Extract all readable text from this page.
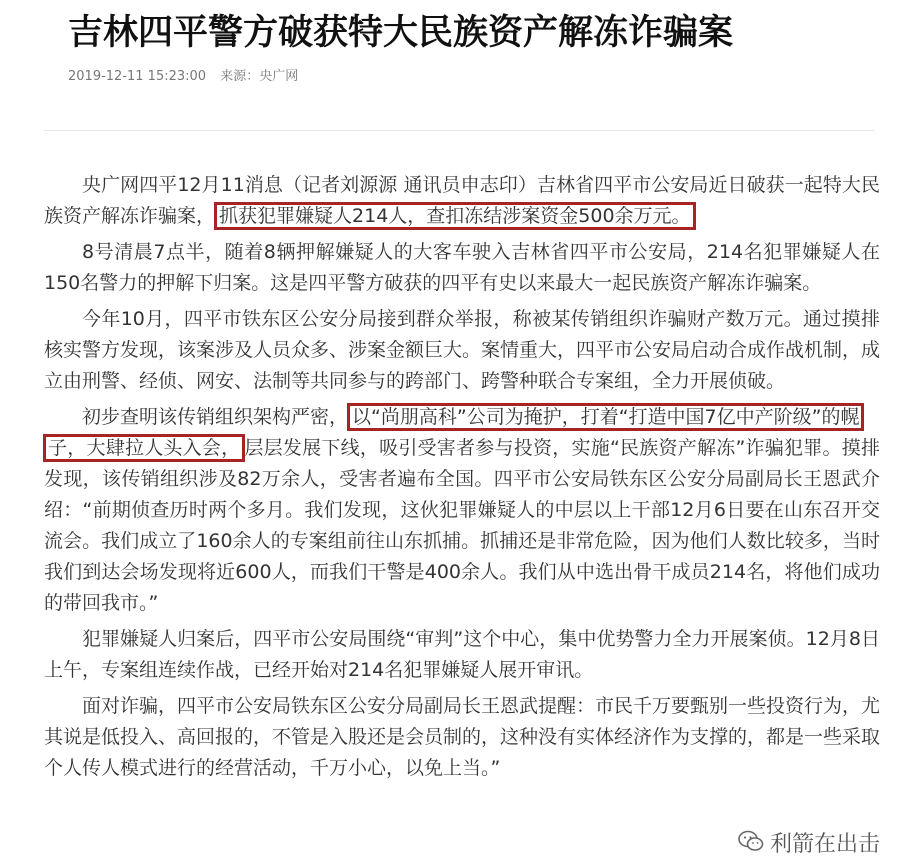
吉林四平警方破获特大民族资产解冻诈骗案
2019-12-11 15:23:00 来源：央广网

央广网四平12月11消息（记者刘源源 通讯员申志印）吉林省四平市公安局近日破获一起特大民族资产解冻诈骗案， 抓获犯罪嫌疑人214人，查扣冻结涉案资金500余万元。

8号清晨7点半，随着8辆押解嫌疑人的大客车驶入吉林省四平市公安局，214名犯罪嫌疑人在150名警力的押解下归案。这是四平警方破获的四平有史以来最大一起民族资产解冻诈骗案。

今年10月，四平市铁东区公安分局接到群众举报，称被某传销组织诈骗财产数万元。通过摸排核实警方发现，该案涉及人员众多、涉案金额巨大。案情重大，四平市公安局启动合成作战机制，成立由刑警、经侦、网安、法制等共同参与的跨部门、跨警种联合专案组，全力开展侦破。

初步查明该传销组织架构严密， 以“尚朋高科”公司为掩护，打着“打造中国7亿中产阶级”的幌
子，大肆拉人头入会， 层层发展下线，吸引受害者参与投资，实施“民族资产解冻”诈骗犯罪。摸排发现，该传销组织涉及82万余人，受害者遍布全国。四平市公安局铁东区公安分局副局长王恩武介绍：“前期侦查历时两个多月。我们发现，这伙犯罪嫌疑人的中层以上干部12月6日要在山东召开交流会。我们成立了160余人的专案组前往山东抓捕。抓捕还是非常危险，因为他们人数比较多，当时我们到达会场发现将近600人，而我们干警是400余人。我们从中选出骨干成员214名，将他们成功的带回我市。”

犯罪嫌疑人归案后，四平市公安局围绕“审判”这个中心，集中优势警力全力开展案侦。12月8日上午，专案组连续作战，已经开始对214名犯罪嫌疑人展开审讯。

面对诈骗，四平市公安局铁东区公安分局副局长王恩武提醒：市民千万要甄别一些投资行为，尤其说是低投入、高回报的，不管是入股还是会员制的，这种没有实体经济作为支撑的，都是一些采取个人传人模式进行的经营活动，千万小心，以免上当。”

利箭在出击
